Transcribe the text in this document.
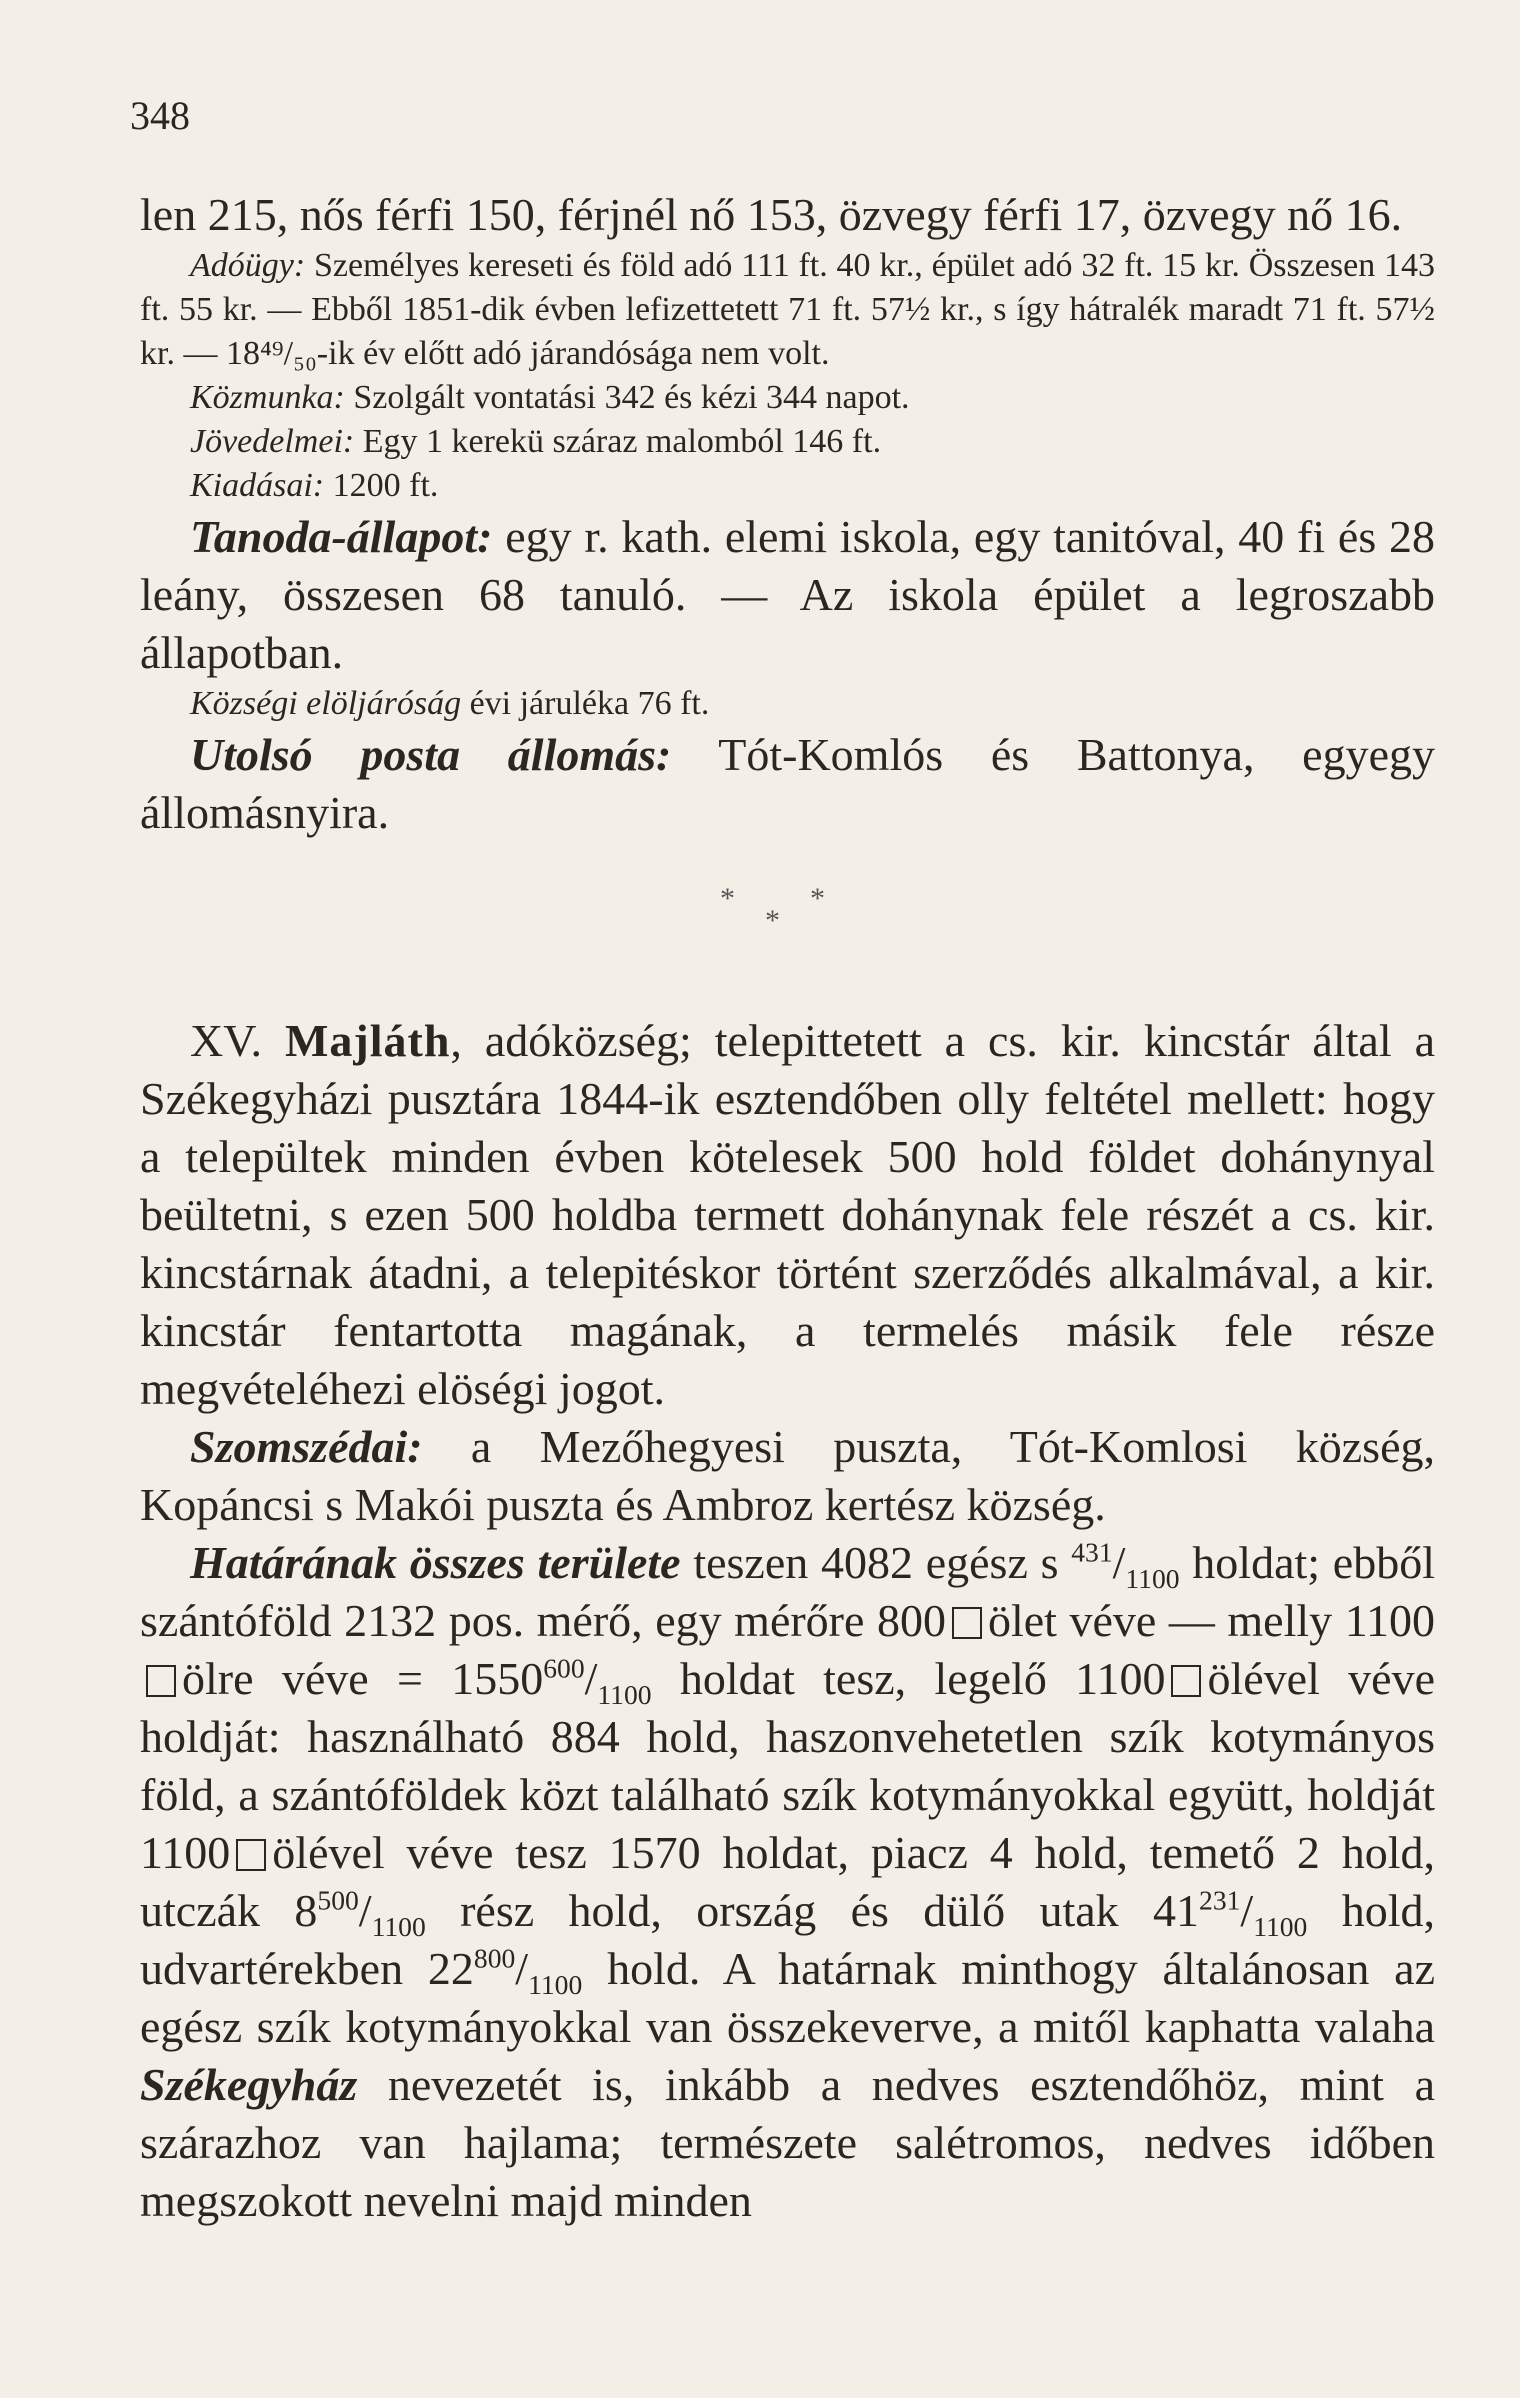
348

len 215, nős férfi 150, férjnél nő 153, özvegy férfi 17, özvegy nő 16.

Adóügy: Személyes kereseti és föld adó 111 ft. 40 kr., épület adó 32 ft. 15 kr. Összesen 143 ft. 55 kr. — Ebből 1851-dik évben lefizettetett 71 ft. 57½ kr., s így hátralék maradt 71 ft. 57½ kr. — 18⁴⁹/₅₀-ik év előtt adó járandósága nem volt.

Közmunka: Szolgált vontatási 342 és kézi 344 napot.

Jövedelmei: Egy 1 kerekü száraz malomból 146 ft.

Kiadásai: 1200 ft.

Tanoda-állapot: egy r. kath. elemi iskola, egy tanitóval, 40 fi és 28 leány, összesen 68 tanuló. — Az iskola épület a legroszabb állapotban.

Községi elöljáróság évi járuléka 76 ft.

Utolsó posta állomás: Tót-Komlós és Battonya, egyegy állomásnyira.

***

XV. Majláth, adóközség; telepittetett a cs. kir. kincstár által a Székegyházi pusztára 1844-ik esztendőben olly feltétel mellett: hogy a települtek minden évben kötelesek 500 hold földet dohánynyal beültetni, s ezen 500 holdba termett dohánynak fele részét a cs. kir. kincstárnak átadni, a telepitéskor történt szerződés alkalmával, a kir. kincstár fentartotta magának, a termelés másik fele része megvételéhezi elöségi jogot.

Szomszédai: a Mezőhegyesi puszta, Tót-Komlosi község, Kopáncsi s Makói puszta és Ambroz kertész község.

Határának összes területe teszen 4082 egész s $^{431}/_{1100}$ holdat; ebből szántóföld 2132 pos. mérő, egy mérőre 800 ölet véve — melly 1100ölre véve = $1550^{600}/_{1100}$ holdat tesz, legelő 1100 ölével véve holdját: használható 884 hold, haszonvehetetlen szík kotymányos föld, a szántóföldek közt található szík kotymányokkal együtt, holdját 1100 ölével véve tesz 1570 holdat, piacz 4 hold, temető 2 hold, utczák $8^{500}/_{1100}$ rész hold, ország és dülő utak $41^{231}/_{1100}$ hold, udvartérekben $22^{800}/_{1100}$ hold. A határnak minthogy általánosan az egész szík kotymányokkal van összekeverve, a mitől kaphatta valaha Székegyház nevezetét is, inkább a nedves esztendőhöz, mint a szárazhoz van hajlama; természete salétromos, nedves időben megszokott nevelni majd minden
